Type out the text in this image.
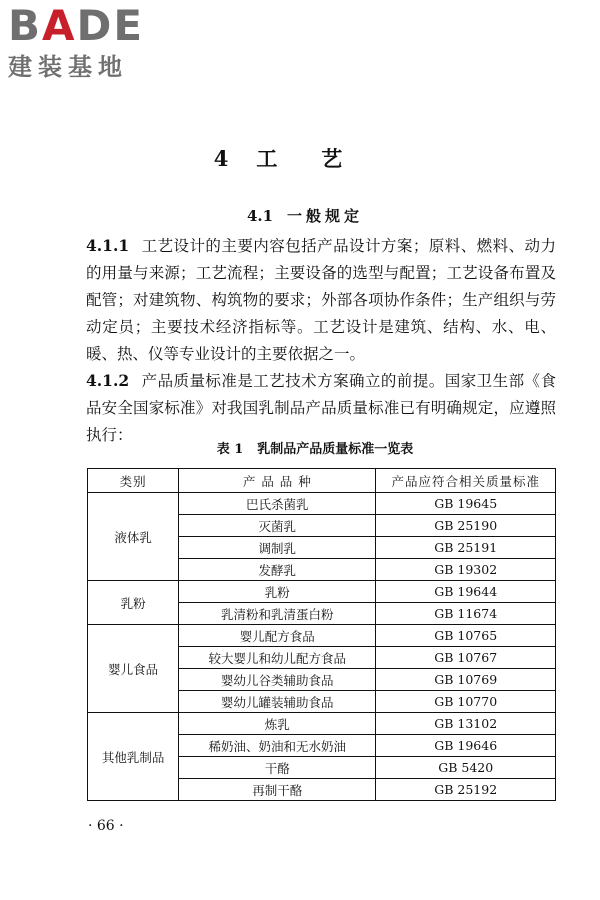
BADE
建装基地
4 工艺
4.1 一般规定
4.1.1 工艺设计的主要内容包括产品设计方案；原料、燃料、动力的用量与来源；工艺流程；主要设备的选型与配置；工艺设备布置及配管；对建筑物、构筑物的要求；外部各项协作条件；生产组织与劳动定员；主要技术经济指标等。工艺设计是建筑、结构、水、电、暖、热、仪等专业设计的主要依据之一。
4.1.2 产品质量标准是工艺技术方案确立的前提。国家卫生部《食品安全国家标准》对我国乳制品产品质量标准已有明确规定，应遵照执行：
表 1 乳制品产品质量标准一览表
类别	产 品 品 种	产品应符合相关质量标准
液体乳	巴氏杀菌乳	GB 19645
	灭菌乳	GB 25190
	调制乳	GB 25191
	发酵乳	GB 19302
乳粉	乳粉	GB 19644
	乳清粉和乳清蛋白粉	GB 11674
婴儿食品	婴儿配方食品	GB 10765
	较大婴儿和幼儿配方食品	GB 10767
	婴幼儿谷类辅助食品	GB 10769
	婴幼儿罐装辅助食品	GB 10770
其他乳制品	炼乳	GB 13102
	稀奶油、奶油和无水奶油	GB 19646
	干酪	GB 5420
	再制干酪	GB 25192
· 66 ·
